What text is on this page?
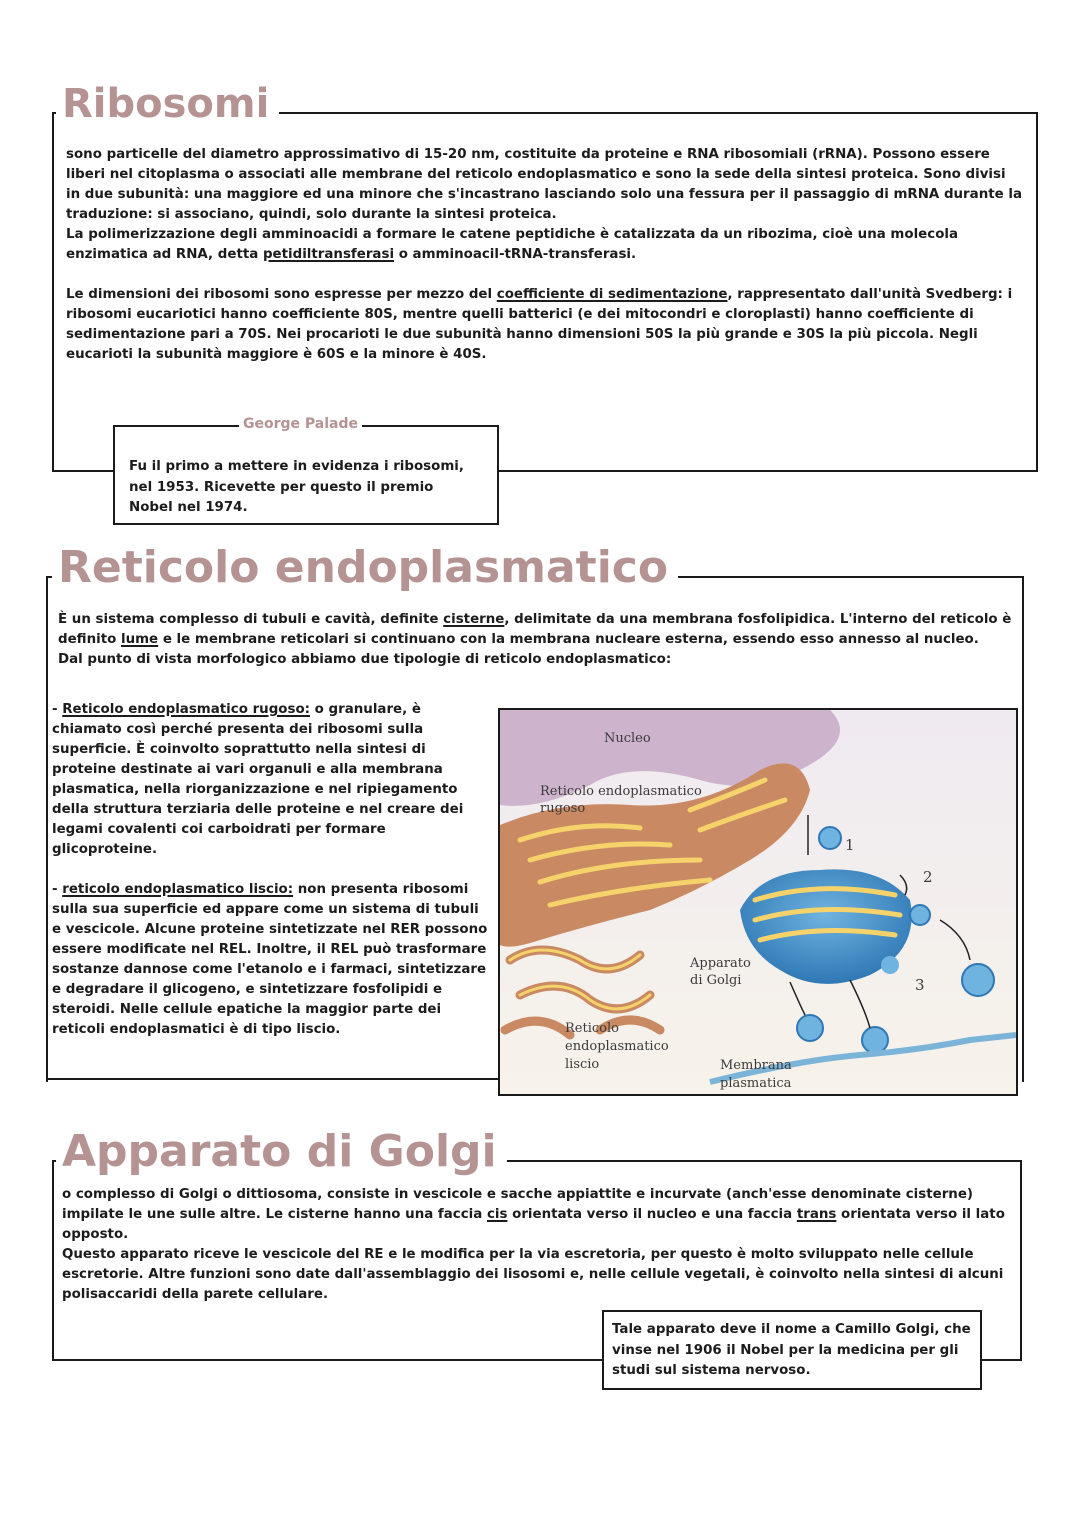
Ribosomi

sono particelle del diametro approssimativo di 15-20 nm, costituite da proteine e RNA ribosomiali (rRNA). Possono essere liberi nel citoplasma o associati alle membrane del reticolo endoplasmatico e sono la sede della sintesi proteica. Sono divisi in due subunità: una maggiore ed una minore che s'incastrano lasciando solo una fessura per il passaggio di mRNA durante la traduzione: si associano, quindi, solo durante la sintesi proteica.

La polimerizzazione degli amminoacidi a formare le catene peptidiche è catalizzata da un ribozima, cioè una molecola enzimatica ad RNA, detta petidiltransferasi o amminoacil-tRNA-transferasi.

Le dimensioni dei ribosomi sono espresse per mezzo del coefficiente di sedimentazione, rappresentato dall'unità Svedberg: i ribosomi eucariotici hanno coefficiente 80S, mentre quelli batterici (e dei mitocondri e cloroplasti) hanno coefficiente di sedimentazione pari a 70S. Nei procarioti le due subunità hanno dimensioni 50S la più grande e 30S la più piccola. Negli eucarioti la subunità maggiore è 60S e la minore è 40S.

George Palade
Fu il primo a mettere in evidenza i ribosomi, nel 1953. Ricevette per questo il premio Nobel nel 1974.
Reticolo endoplasmatico

È un sistema complesso di tubuli e cavità, definite cisterne, delimitate da una membrana fosfolipidica. L'interno del reticolo è definito lume e le membrane reticolari si continuano con la membrana nucleare esterna, essendo esso annesso al nucleo.

Dal punto di vista morfologico abbiamo due tipologie di reticolo endoplasmatico:

- Reticolo endoplasmatico rugoso: o granulare, è chiamato così perché presenta dei ribosomi sulla superficie. È coinvolto soprattutto nella sintesi di proteine destinate ai vari organuli e alla membrana plasmatica, nella riorganizzazione e nel ripiegamento della struttura terziaria delle proteine e nel creare dei legami covalenti coi carboidrati per formare glicoproteine.

- reticolo endoplasmatico liscio: non presenta ribosomi sulla sua superficie ed appare come un sistema di tubuli e vescicole. Alcune proteine sintetizzate nel RER possono essere modificate nel REL. Inoltre, il REL può trasformare sostanze dannose come l'etanolo e i farmaci, sintetizzare e degradare il glicogeno, e sintetizzare fosfolipidi e steroidi. Nelle cellule epatiche la maggior parte dei reticoli endoplasmatici è di tipo liscio.

Nucleo
Reticolo endoplasmatico
rugoso
Apparato
di Golgi
Reticolo
endoplasmatico
liscio	Membrana
plasmatica
1
2
3
Apparato di Golgi

o complesso di Golgi o dittiosoma, consiste in vescicole e sacche appiattite e incurvate (anch'esse denominate cisterne) impilate le une sulle altre. Le cisterne hanno una faccia cis orientata verso il nucleo e una faccia trans orientata verso il lato opposto.

Questo apparato riceve le vescicole del RE e le modifica per la via escretoria, per questo è molto sviluppato nelle cellule escretorie. Altre funzioni sono date dall'assemblaggio dei lisosomi e, nelle cellule vegetali, è coinvolto nella sintesi di alcuni polisaccaridi della parete cellulare.

Tale apparato deve il nome a Camillo Golgi, che vinse nel 1906 il Nobel per la medicina per gli studi sul sistema nervoso.
